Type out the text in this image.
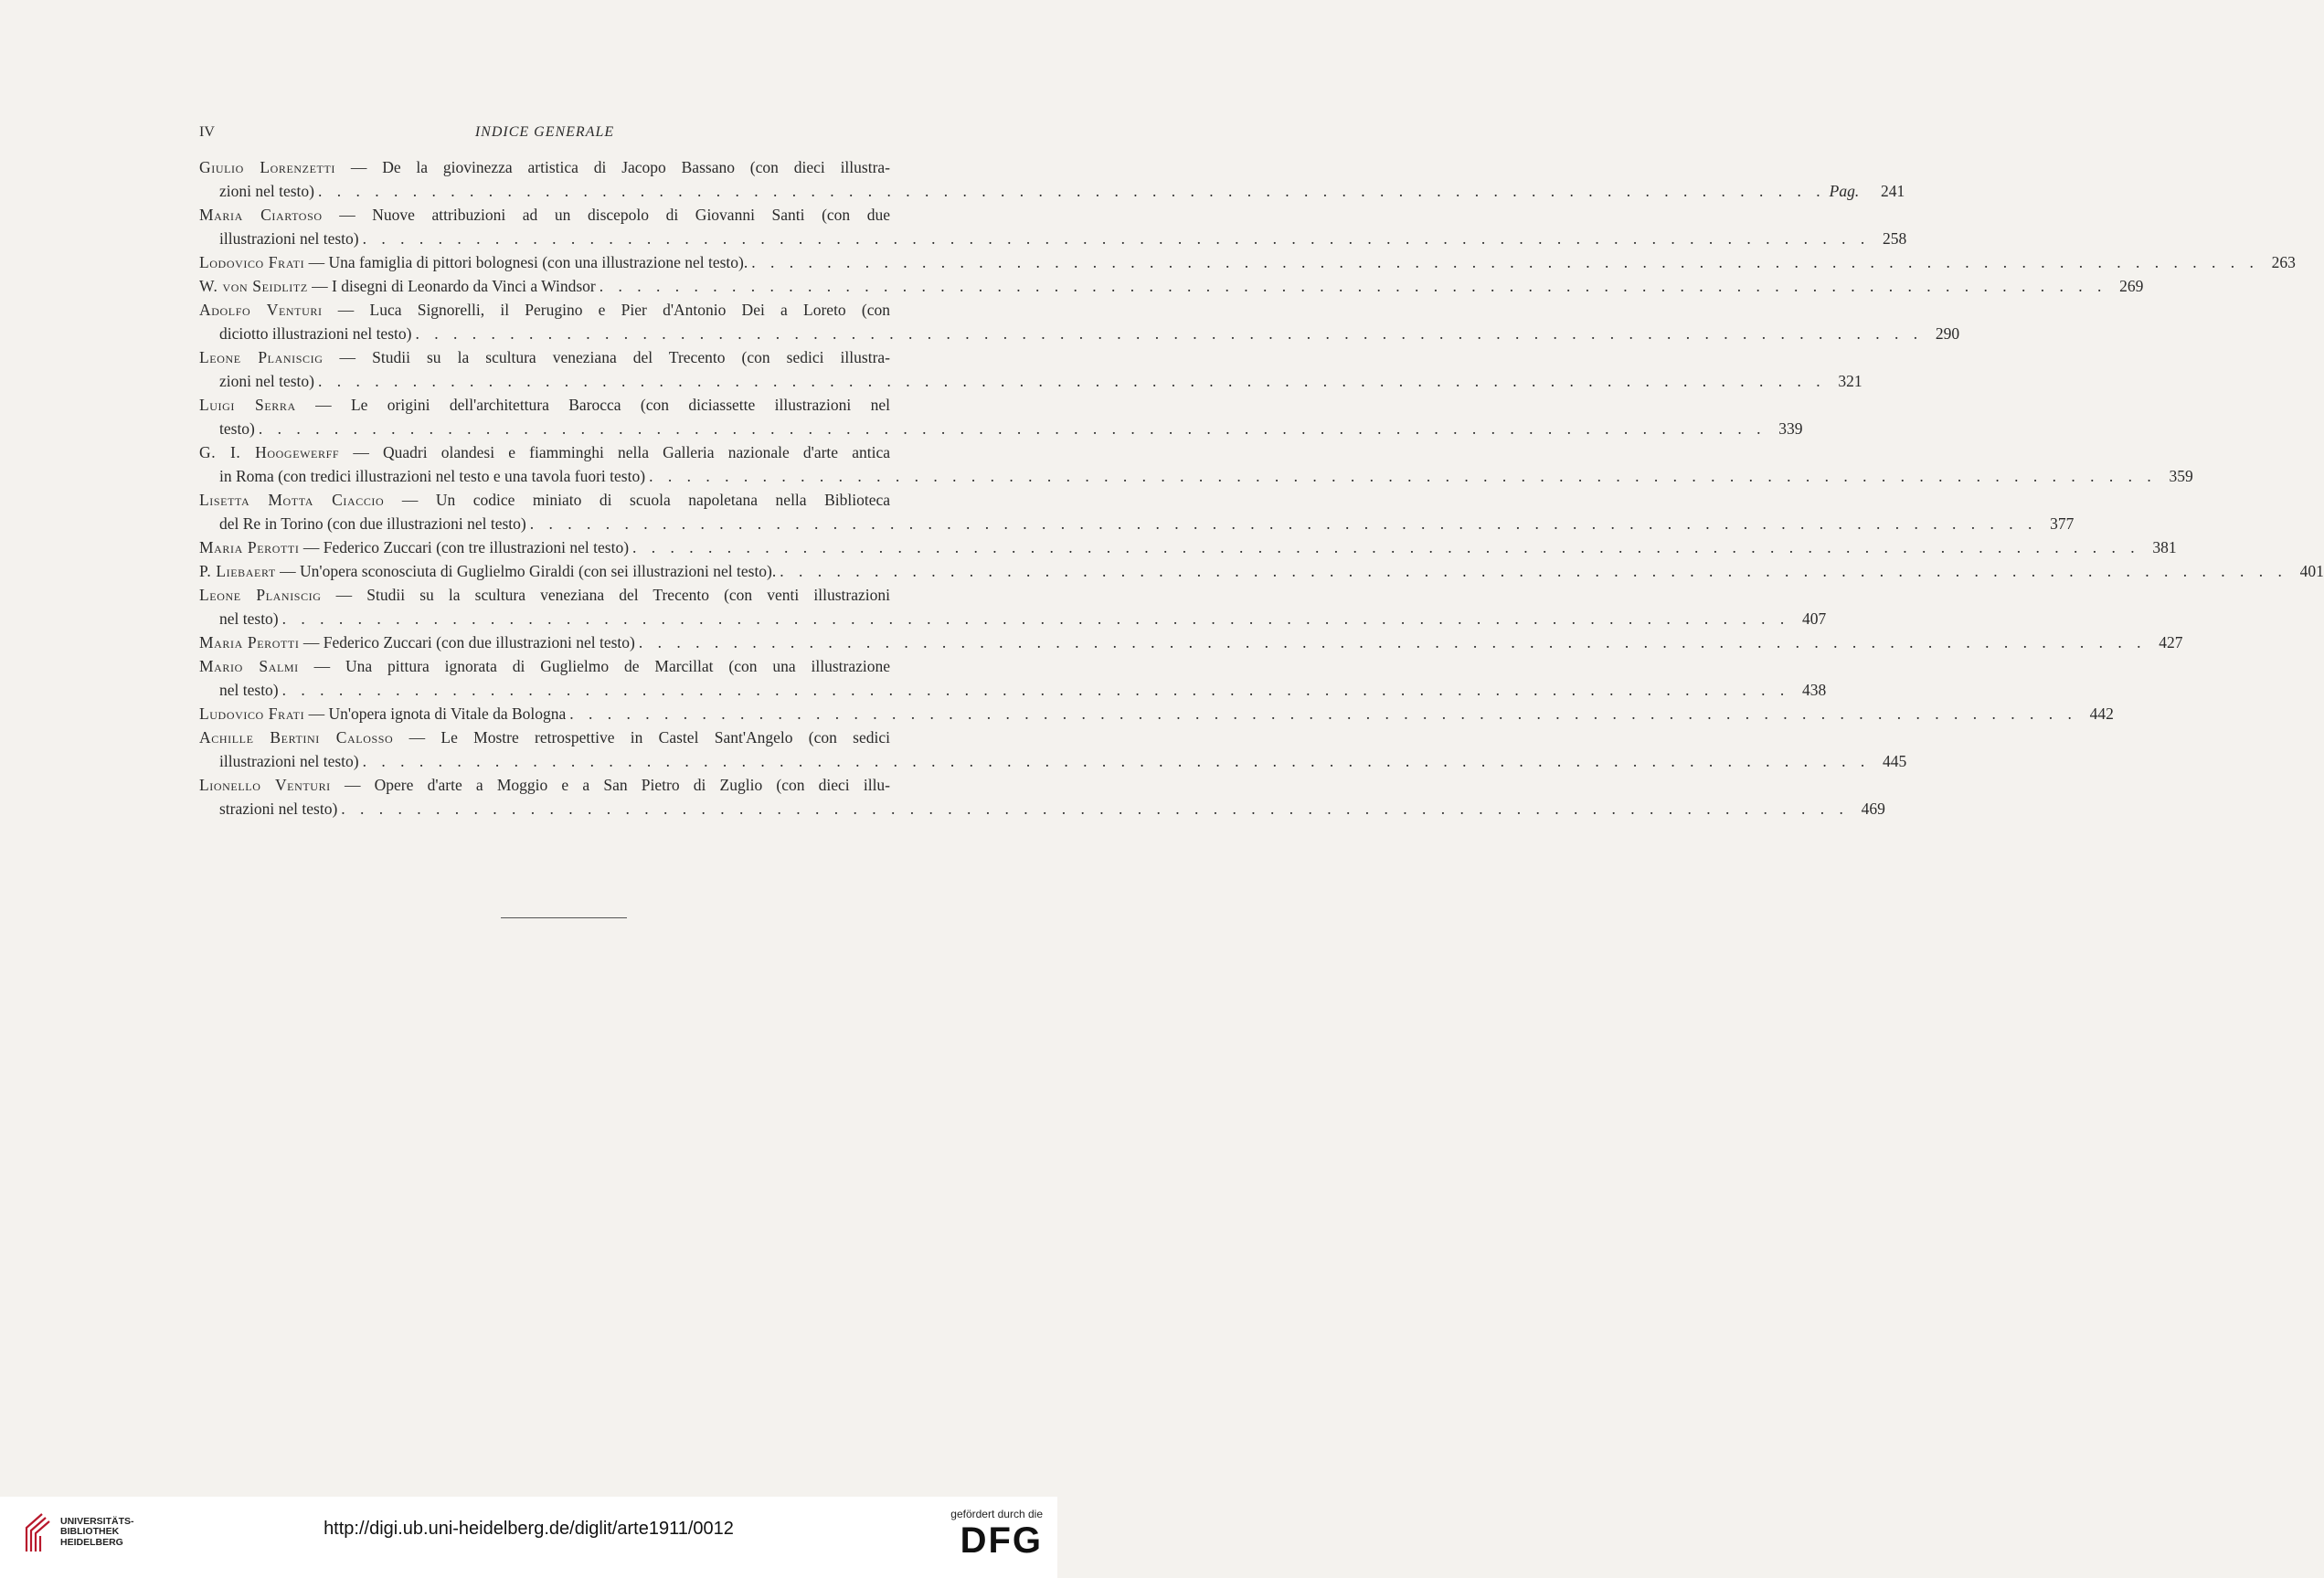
IV	INDICE GENERALE
Giulio Lorenzetti — De la giovinezza artistica di Jacopo Bassano (con dieci illustra-
zioni nel testo) . . . . . . . . . . . . . . . . . . . . . . . . . . . . . . . . . . . . . . . . . . . . . . . . . . . . . . . . . . . . . . . . . . . . . . . . . . . . . . . . Pag.	241
Maria Ciartoso — Nuove attribuzioni ad un discepolo di Giovanni Santi (con due
illustrazioni nel testo) . . . . . . . . . . . . . . . . . . . . . . . . . . . . . . . . . . . . . . . . . . . . . . . . . . . . . . . . . . . . . . . . . . . . . . . . . . . . . . . . 258
Lodovico Frati — Una famiglia di pittori bolognesi (con una illustrazione nel testo). . . . . . . . . . . . . . . . . . . . . . . . . . . . . . . . . . . . . . . . . . . . . . . . . . . . . . . . . . . . . . . . . . . . . . . . . . . . . . . . . 263
W. von Seidlitz — I disegni di Leonardo da Vinci a Windsor . . . . . . . . . . . . . . . . . . . . . . . . . . . . . . . . . . . . . . . . . . . . . . . . . . . . . . . . . . . . . . . . . . . . . . . . . . . . . . . . 269
Adolfo Venturi — Luca Signorelli, il Perugino e Pier d'Antonio Dei a Loreto (con
diciotto illustrazioni nel testo) . . . . . . . . . . . . . . . . . . . . . . . . . . . . . . . . . . . . . . . . . . . . . . . . . . . . . . . . . . . . . . . . . . . . . . . . . . . . . . . . 290
Leone Planiscig — Studii su la scultura veneziana del Trecento (con sedici illustra-
zioni nel testo) . . . . . . . . . . . . . . . . . . . . . . . . . . . . . . . . . . . . . . . . . . . . . . . . . . . . . . . . . . . . . . . . . . . . . . . . . . . . . . . . 321
Luigi Serra — Le origini dell'architettura Barocca (con diciassette illustrazioni nel
testo) . . . . . . . . . . . . . . . . . . . . . . . . . . . . . . . . . . . . . . . . . . . . . . . . . . . . . . . . . . . . . . . . . . . . . . . . . . . . . . . . 339
G. I. Hoogewerff — Quadri olandesi e fiamminghi nella Galleria nazionale d'arte antica
in Roma (con tredici illustrazioni nel testo e una tavola fuori testo) . . . . . . . . . . . . . . . . . . . . . . . . . . . . . . . . . . . . . . . . . . . . . . . . . . . . . . . . . . . . . . . . . . . . . . . . . . . . . . . . 359
Lisetta Motta Ciaccio — Un codice miniato di scuola napoletana nella Biblioteca
del Re in Torino (con due illustrazioni nel testo) . . . . . . . . . . . . . . . . . . . . . . . . . . . . . . . . . . . . . . . . . . . . . . . . . . . . . . . . . . . . . . . . . . . . . . . . . . . . . . . . 377
Maria Perotti — Federico Zuccari (con tre illustrazioni nel testo) . . . . . . . . . . . . . . . . . . . . . . . . . . . . . . . . . . . . . . . . . . . . . . . . . . . . . . . . . . . . . . . . . . . . . . . . . . . . . . . . 381
P. Liebaert — Un'opera sconosciuta di Guglielmo Giraldi (con sei illustrazioni nel testo). . . . . . . . . . . . . . . . . . . . . . . . . . . . . . . . . . . . . . . . . . . . . . . . . . . . . . . . . . . . . . . . . . . . . . . . . . . . . . . . . 401
Leone Planiscig — Studii su la scultura veneziana del Trecento (con venti illustrazioni
nel testo) . . . . . . . . . . . . . . . . . . . . . . . . . . . . . . . . . . . . . . . . . . . . . . . . . . . . . . . . . . . . . . . . . . . . . . . . . . . . . . . . 407
Maria Perotti — Federico Zuccari (con due illustrazioni nel testo) . . . . . . . . . . . . . . . . . . . . . . . . . . . . . . . . . . . . . . . . . . . . . . . . . . . . . . . . . . . . . . . . . . . . . . . . . . . . . . . . 427
Mario Salmi — Una pittura ignorata di Guglielmo de Marcillat (con una illustrazione
nel testo) . . . . . . . . . . . . . . . . . . . . . . . . . . . . . . . . . . . . . . . . . . . . . . . . . . . . . . . . . . . . . . . . . . . . . . . . . . . . . . . . 438
Ludovico Frati — Un'opera ignota di Vitale da Bologna . . . . . . . . . . . . . . . . . . . . . . . . . . . . . . . . . . . . . . . . . . . . . . . . . . . . . . . . . . . . . . . . . . . . . . . . . . . . . . . . 442
Achille Bertini Calosso — Le Mostre retrospettive in Castel Sant'Angelo (con sedici
illustrazioni nel testo) . . . . . . . . . . . . . . . . . . . . . . . . . . . . . . . . . . . . . . . . . . . . . . . . . . . . . . . . . . . . . . . . . . . . . . . . . . . . . . . . 445
Lionello Venturi — Opere d'arte a Moggio e a San Pietro di Zuglio (con dieci illu-
strazioni nel testo) . . . . . . . . . . . . . . . . . . . . . . . . . . . . . . . . . . . . . . . . . . . . . . . . . . . . . . . . . . . . . . . . . . . . . . . . . . . . . . . . 469
UNIVERSITÄTS-
BIBLIOTHEK
HEIDELBERG
http://digi.ub.uni-heidelberg.de/diglit/arte1911/0012
gefördert durch die
DFG
